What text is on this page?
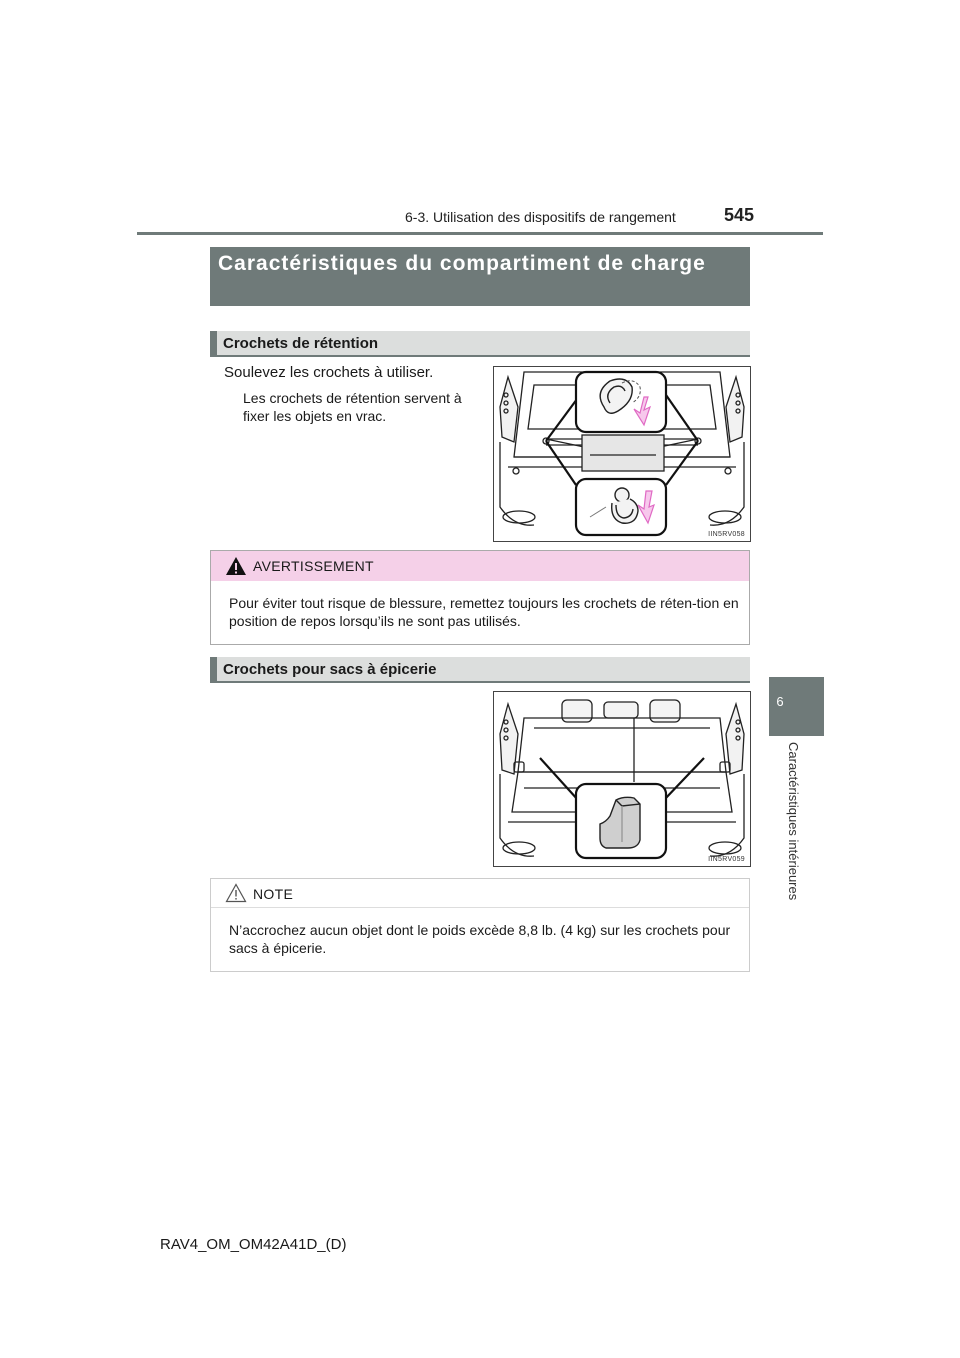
6-3. Utilisation des dispositifs de rangement	545
6
Caractéristiques intérieures
Caractéristiques du compartiment de charge
Crochets de rétention
Soulevez les crochets à utiliser.
Les crochets de rétention servent à fixer les objets en vrac.
IIN5RV058
AVERTISSEMENT
Pour éviter tout risque de blessure, remettez toujours les crochets de réten-tion en position de repos lorsqu’ils ne sont pas utilisés.
Crochets pour sacs à épicerie
IIN5RV059
NOTE
N’accrochez aucun objet dont le poids excède 8,8 lb. (4 kg) sur les crochets pour sacs à épicerie.
RAV4_OM_OM42A41D_(D)
